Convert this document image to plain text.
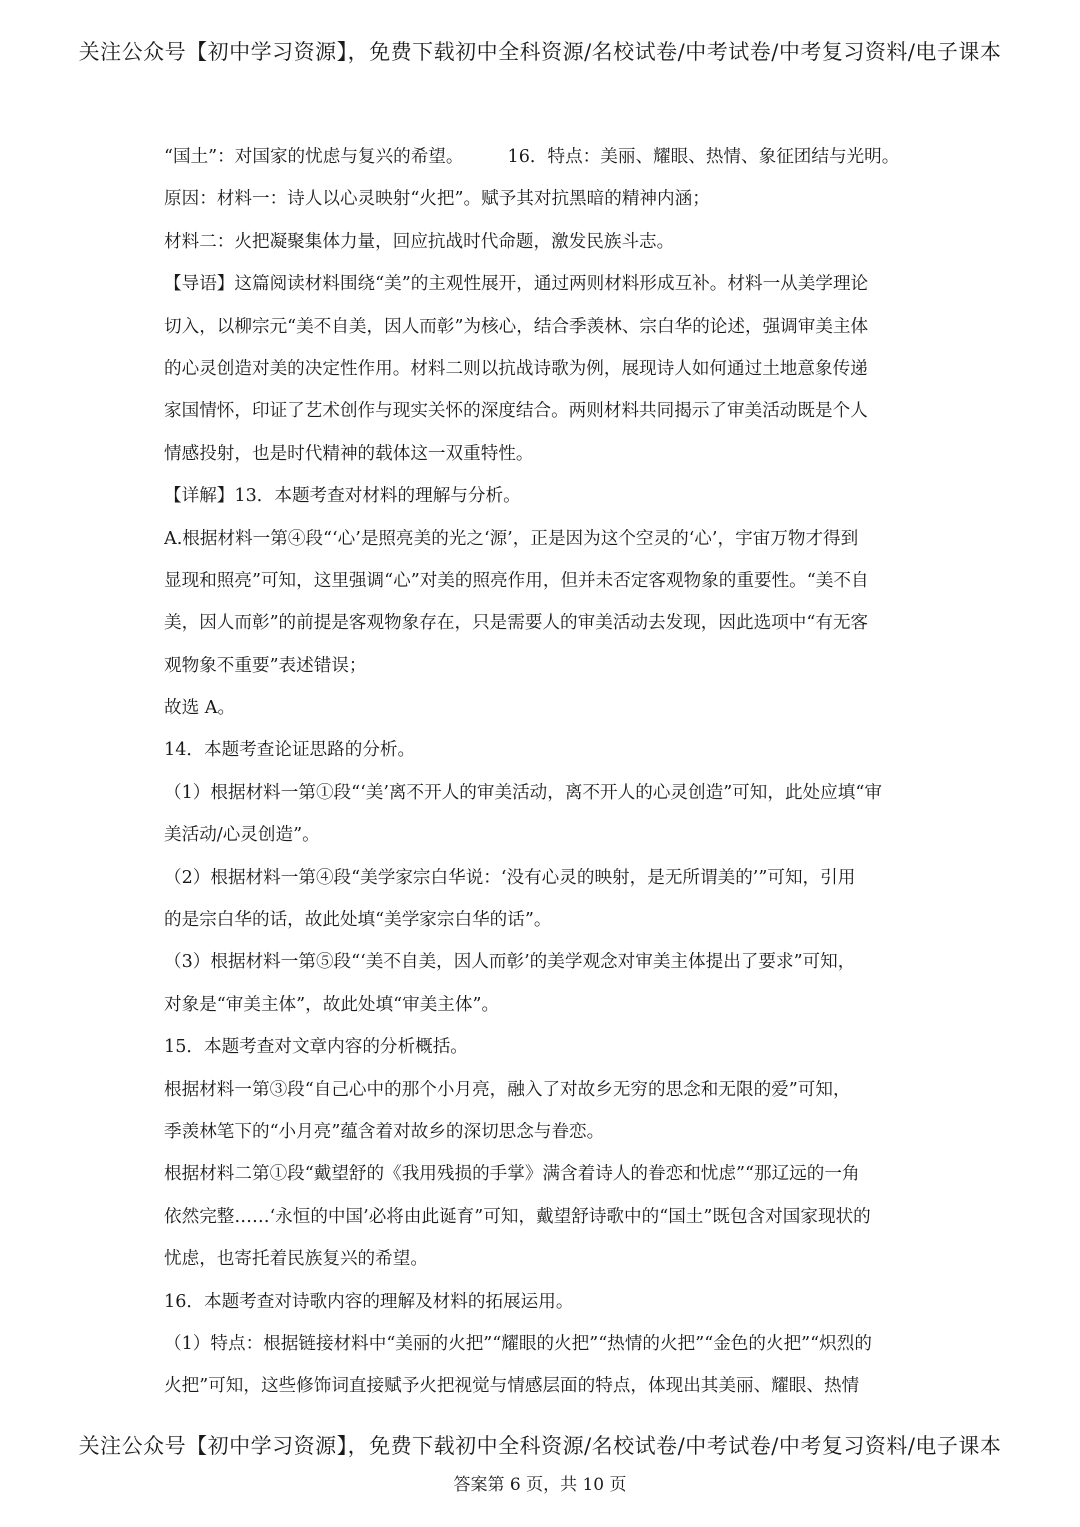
关注公众号【初中学习资源】，免费下载初中全科资源/名校试卷/中考试卷/中考复习资料/电子课本
“国土”：对国家的忧虑与复兴的希望。	16．特点：美丽、耀眼、热情、象征团结与光明。
原因：材料一：诗人以心灵映射“火把”。赋予其对抗黑暗的精神内涵；
材料二：火把凝聚集体力量，回应抗战时代命题，激发民族斗志。
【导语】这篇阅读材料围绕“美”的主观性展开，通过两则材料形成互补。材料一从美学理论
切入，以柳宗元“美不自美，因人而彰”为核心，结合季羡林、宗白华的论述，强调审美主体
的心灵创造对美的决定性作用。材料二则以抗战诗歌为例，展现诗人如何通过土地意象传递
家国情怀，印证了艺术创作与现实关怀的深度结合。两则材料共同揭示了审美活动既是个人
情感投射，也是时代精神的载体这一双重特性。
【详解】13．本题考查对材料的理解与分析。
A.根据材料一第④段“‘心’是照亮美的光之‘源’，正是因为这个空灵的‘心’，宇宙万物才得到
显现和照亮”可知，这里强调“心”对美的照亮作用，但并未否定客观物象的重要性。“美不自
美，因人而彰”的前提是客观物象存在，只是需要人的审美活动去发现，因此选项中“有无客
观物象不重要”表述错误；
故选 A。
14．本题考查论证思路的分析。
（1）根据材料一第①段“‘美’离不开人的审美活动，离不开人的心灵创造”可知，此处应填“审
美活动/心灵创造”。
（2）根据材料一第④段“美学家宗白华说：‘没有心灵的映射，是无所谓美的’”可知，引用
的是宗白华的话，故此处填“美学家宗白华的话”。
（3）根据材料一第⑤段“‘美不自美，因人而彰’的美学观念对审美主体提出了要求”可知，
对象是“审美主体”，故此处填“审美主体”。
15．本题考查对文章内容的分析概括。
根据材料一第③段“自己心中的那个小月亮，融入了对故乡无穷的思念和无限的爱”可知，
季羡林笔下的“小月亮”蕴含着对故乡的深切思念与眷恋。
根据材料二第①段“戴望舒的《我用残损的手掌》满含着诗人的眷恋和忧虑”“那辽远的一角
依然完整……‘永恒的中国’必将由此诞育”可知，戴望舒诗歌中的“国土”既包含对国家现状的
忧虑，也寄托着民族复兴的希望。
16．本题考查对诗歌内容的理解及材料的拓展运用。
（1）特点：根据链接材料中“美丽的火把”“耀眼的火把”“热情的火把”“金色的火把”“炽烈的
火把”可知，这些修饰词直接赋予火把视觉与情感层面的特点，体现出其美丽、耀眼、热情
关注公众号【初中学习资源】，免费下载初中全科资源/名校试卷/中考试卷/中考复习资料/电子课本
答案第 6 页，共 10 页
